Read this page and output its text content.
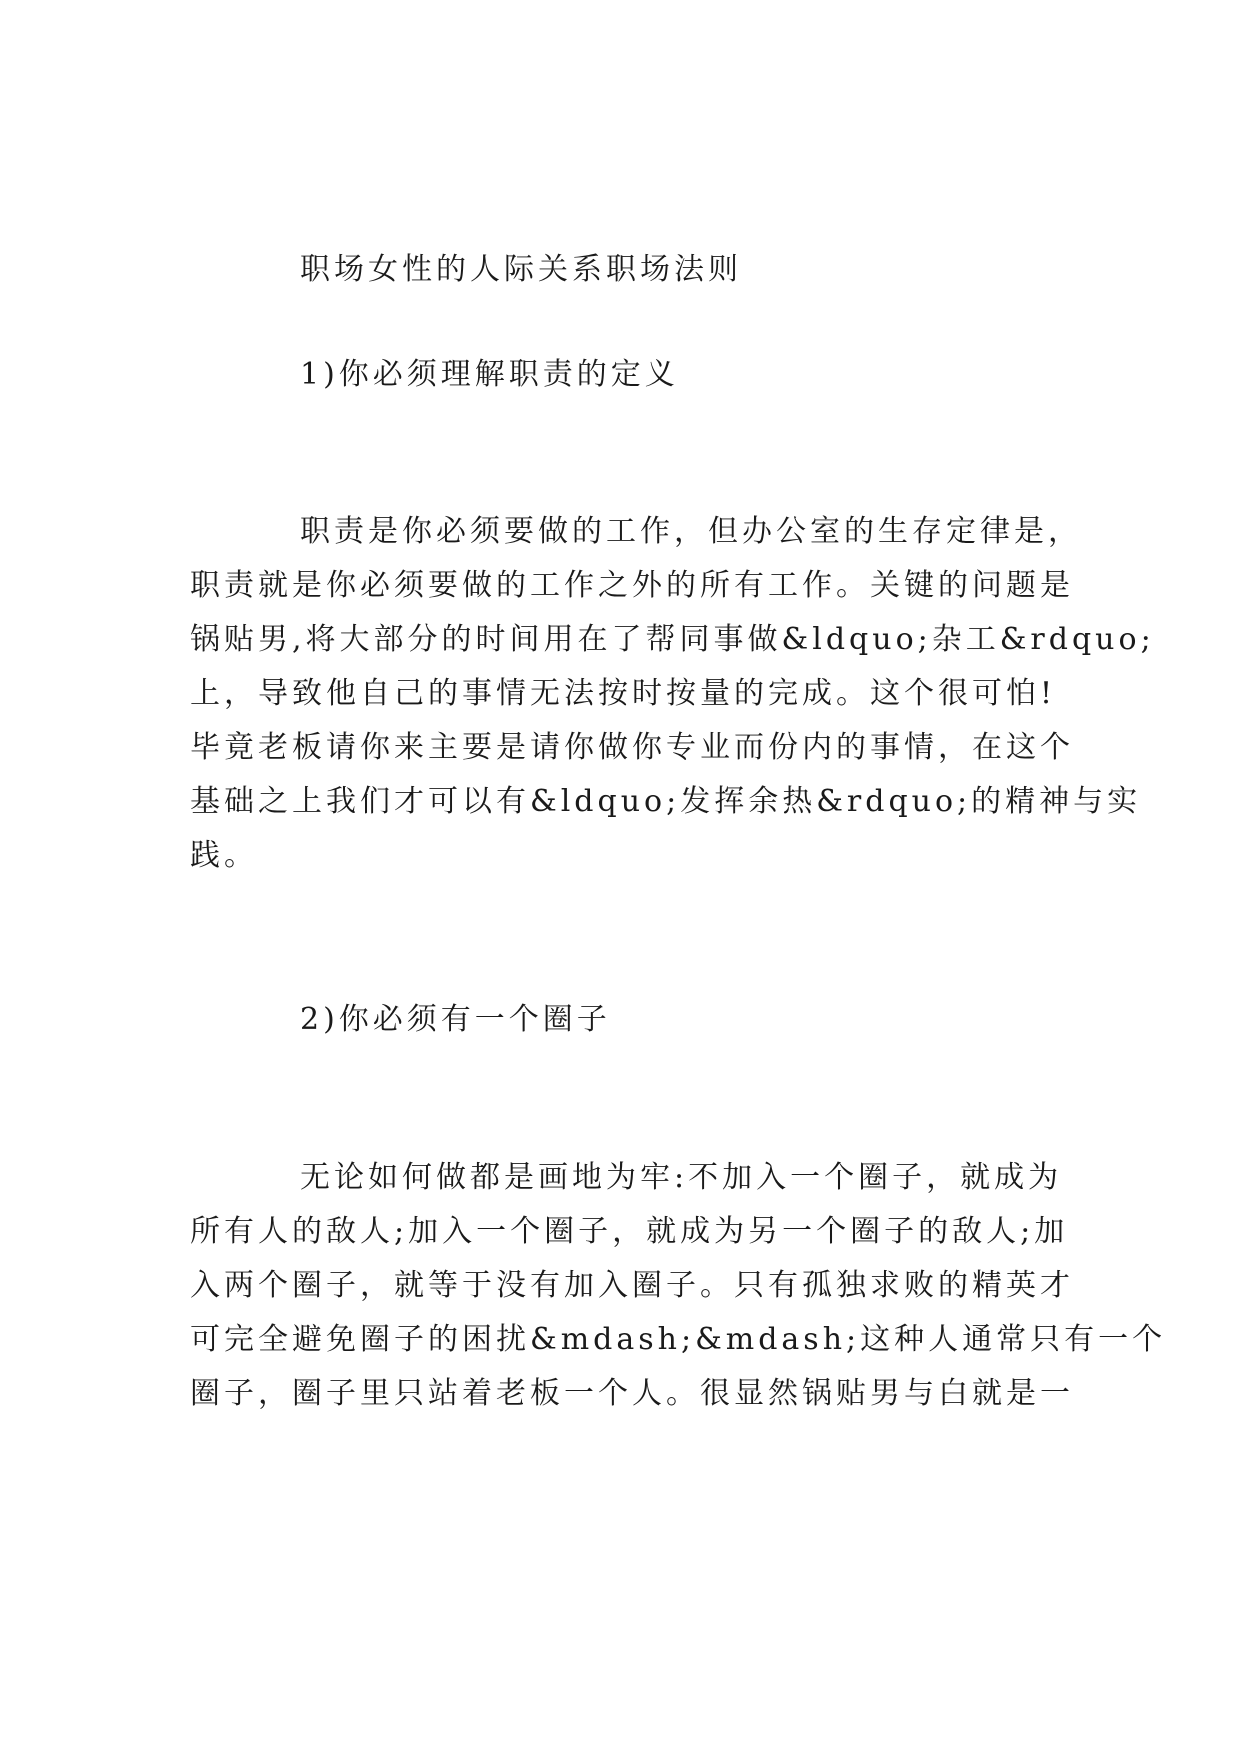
职场女性的人际关系职场法则
1)你必须理解职责的定义
职责是你必须要做的工作，但办公室的生存定律是，
职责就是你必须要做的工作之外的所有工作。关键的问题是
锅贴男,将大部分的时间用在了帮同事做&ldquo;杂工&rdquo;
上，导致他自己的事情无法按时按量的完成。这个很可怕!
毕竟老板请你来主要是请你做你专业而份内的事情，在这个
基础之上我们才可以有&ldquo;发挥余热&rdquo;的精神与实
践。
2)你必须有一个圈子
无论如何做都是画地为牢:不加入一个圈子，就成为
所有人的敌人;加入一个圈子，就成为另一个圈子的敌人;加
入两个圈子，就等于没有加入圈子。只有孤独求败的精英才
可完全避免圈子的困扰&mdash;&mdash;这种人通常只有一个
圈子，圈子里只站着老板一个人。很显然锅贴男与白就是一
